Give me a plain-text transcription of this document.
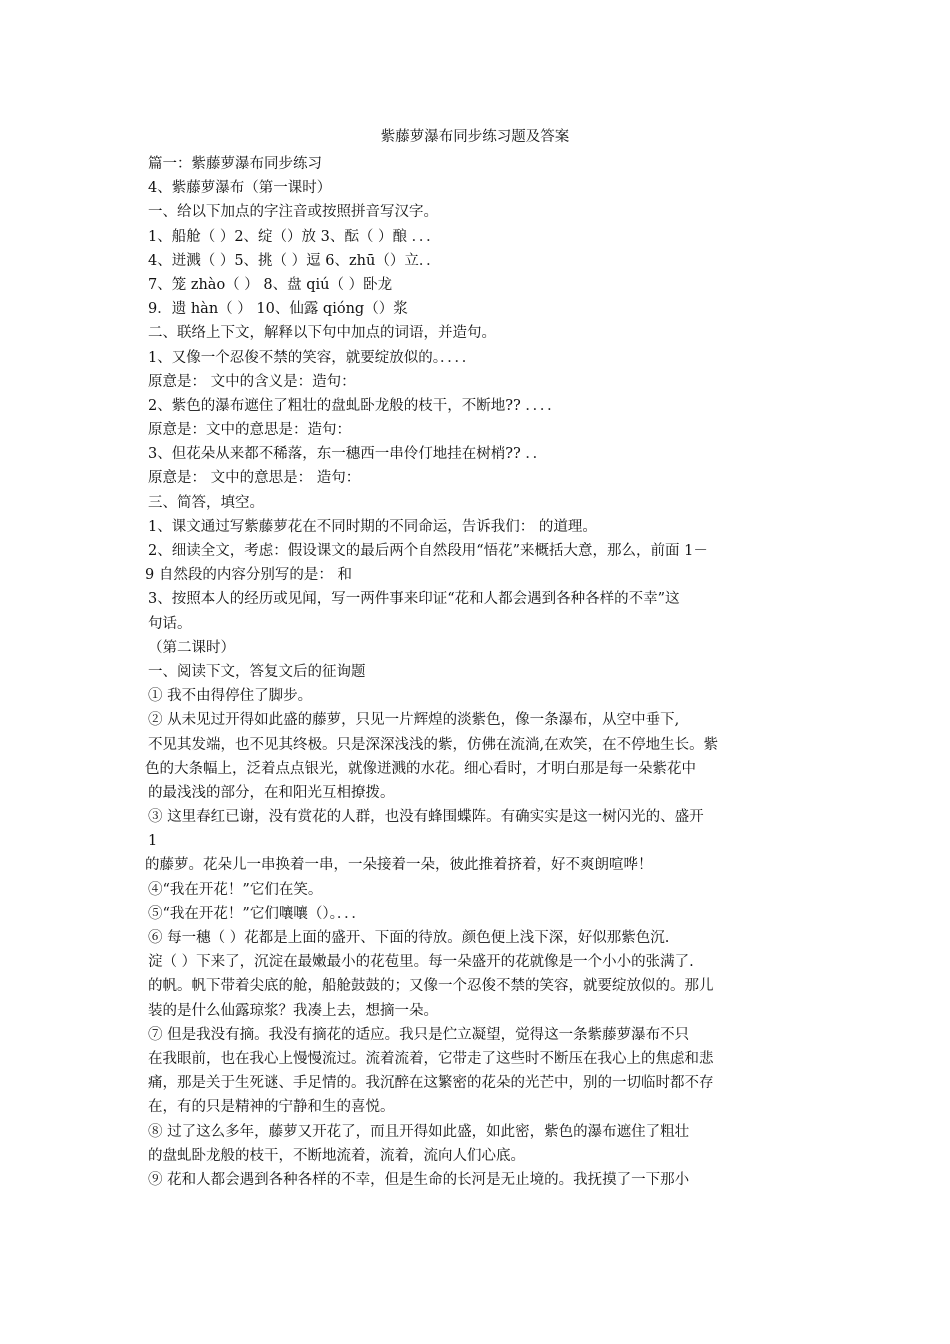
紫藤萝瀑布同步练习题及答案
篇一：紫藤萝瀑布同步练习
4、紫藤萝瀑布（第一课时）
一、给以下加点的字注音或按照拼音写汉字。
1、船舱（ ）2、绽（）放 3、酝（ ）酿 ．．．
4、迸溅（ ）5、挑（ ）逗 6、zhū（）立．．
7、笼 zhào（ ） 8、盘 qiú（ ）卧龙
9．遗 hàn（ ） 10、仙露 qióng（）浆
二、联络上下文，解释以下句中加点的词语，并造句。
1、又像一个忍俊不禁的笑容，就要绽放似的。．．．．
原意是： 文中的含义是：造句：
2、紫色的瀑布遮住了粗壮的盘虬卧龙般的枝干，不断地?? ．．．．
原意是：文中的意思是：造句：
3、但花朵从来都不稀落，东一穗西一串伶仃地挂在树梢?? ．．
原意是： 文中的意思是： 造句：
三、简答，填空。
1、课文通过写紫藤萝花在不同时期的不同命运，告诉我们： 的道理。
2、细读全文，考虑：假设课文的最后两个自然段用“悟花”来概括大意，那么，前面 1－
9 自然段的内容分别写的是： 和
3、按照本人的经历或见闻，写一两件事来印证“花和人都会遇到各种各样的不幸”这
句话。
（第二课时）
一、阅读下文，答复文后的征询题
① 我不由得停住了脚步。
② 从未见过开得如此盛的藤萝，只见一片辉煌的淡紫色，像一条瀑布，从空中垂下,
不见其发端，也不见其终极。只是深深浅浅的紫，仿佛在流淌,在欢笑，在不停地生长。紫
色的大条幅上，泛着点点银光，就像迸溅的水花。细心看时，才明白那是每一朵紫花中
的最浅浅的部分，在和阳光互相撩拨。
③ 这里春红已谢，没有赏花的人群，也没有蜂围蝶阵。有确实实是这一树闪光的、盛开
1
的藤萝。花朵儿一串换着一串，一朵接着一朵，彼此推着挤着，好不爽朗喧哗！
④“我在开花！”它们在笑。
⑤“我在开花！”它们嚷嚷（）。．．．
⑥ 每一穗（ ）花都是上面的盛开、下面的待放。颜色便上浅下深，好似那紫色沉.
淀（ ）下来了，沉淀在最嫩最小的花苞里。每一朵盛开的花就像是一个小小的张满了.
的帆。帆下带着尖底的舱，船舱鼓鼓的；又像一个忍俊不禁的笑容，就要绽放似的。那儿
装的是什么仙露琼浆？我凑上去，想摘一朵。
⑦ 但是我没有摘。我没有摘花的适应。我只是伫立凝望，觉得这一条紫藤萝瀑布不只
在我眼前，也在我心上慢慢流过。流着流着，它带走了这些时不断压在我心上的焦虑和悲
痛，那是关于生死谜、手足情的。我沉醉在这繁密的花朵的光芒中，别的一切临时都不存
在，有的只是精神的宁静和生的喜悦。
⑧ 过了这么多年，藤萝又开花了，而且开得如此盛，如此密，紫色的瀑布遮住了粗壮
的盘虬卧龙般的枝干，不断地流着，流着，流向人们心底。
⑨ 花和人都会遇到各种各样的不幸，但是生命的长河是无止境的。我抚摸了一下那小
